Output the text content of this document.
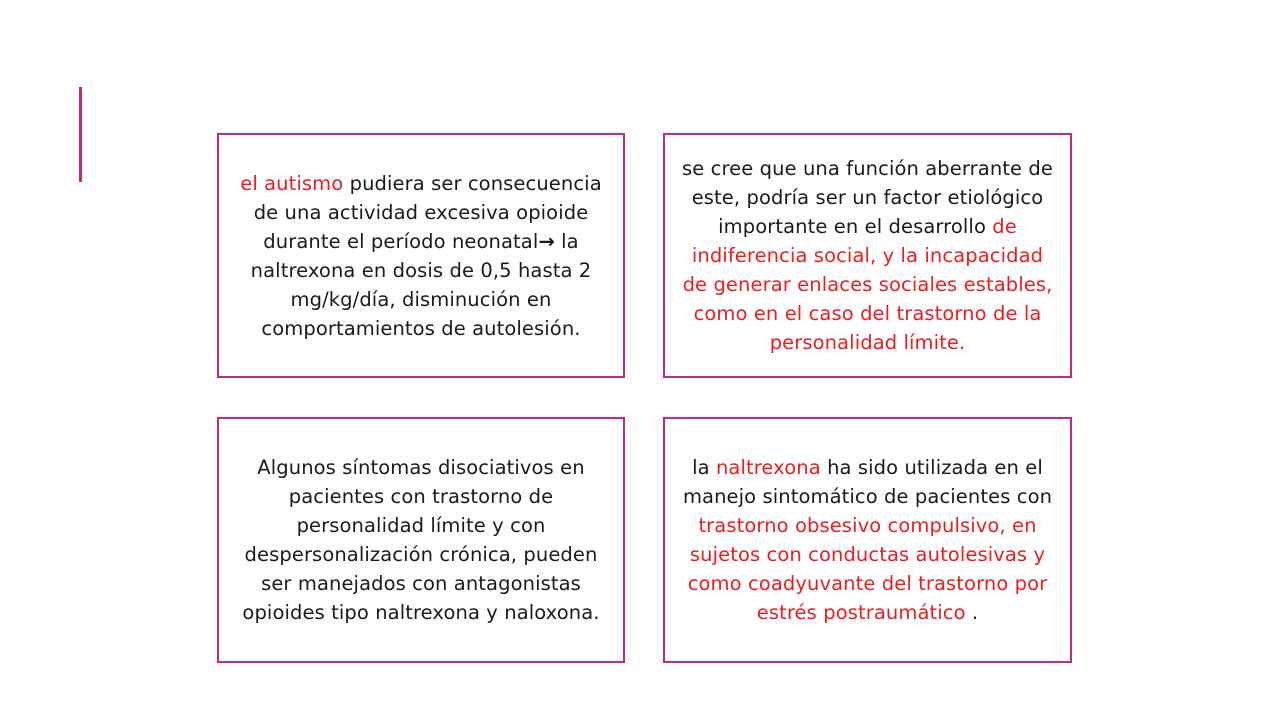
el autismo pudiera ser consecuencia de una actividad excesiva opioide durante el período neonatal→ la naltrexona en dosis de 0,5 hasta 2 mg/kg/día, disminución en comportamientos de autolesión.

se cree que una función aberrante de este, podría ser un factor etiológico importante en el desarrollo de indiferencia social, y la incapacidad de generar enlaces sociales estables, como en el caso del trastorno de la personalidad límite.

Algunos síntomas disociativos en pacientes con trastorno de personalidad límite y con despersonalización crónica, pueden ser manejados con antagonistas opioides tipo naltrexona y naloxona.

la naltrexona ha sido utilizada en el manejo sintomático de pacientes con trastorno obsesivo compulsivo, en sujetos con conductas autolesivas y como coadyuvante del trastorno por estrés postraumático .
